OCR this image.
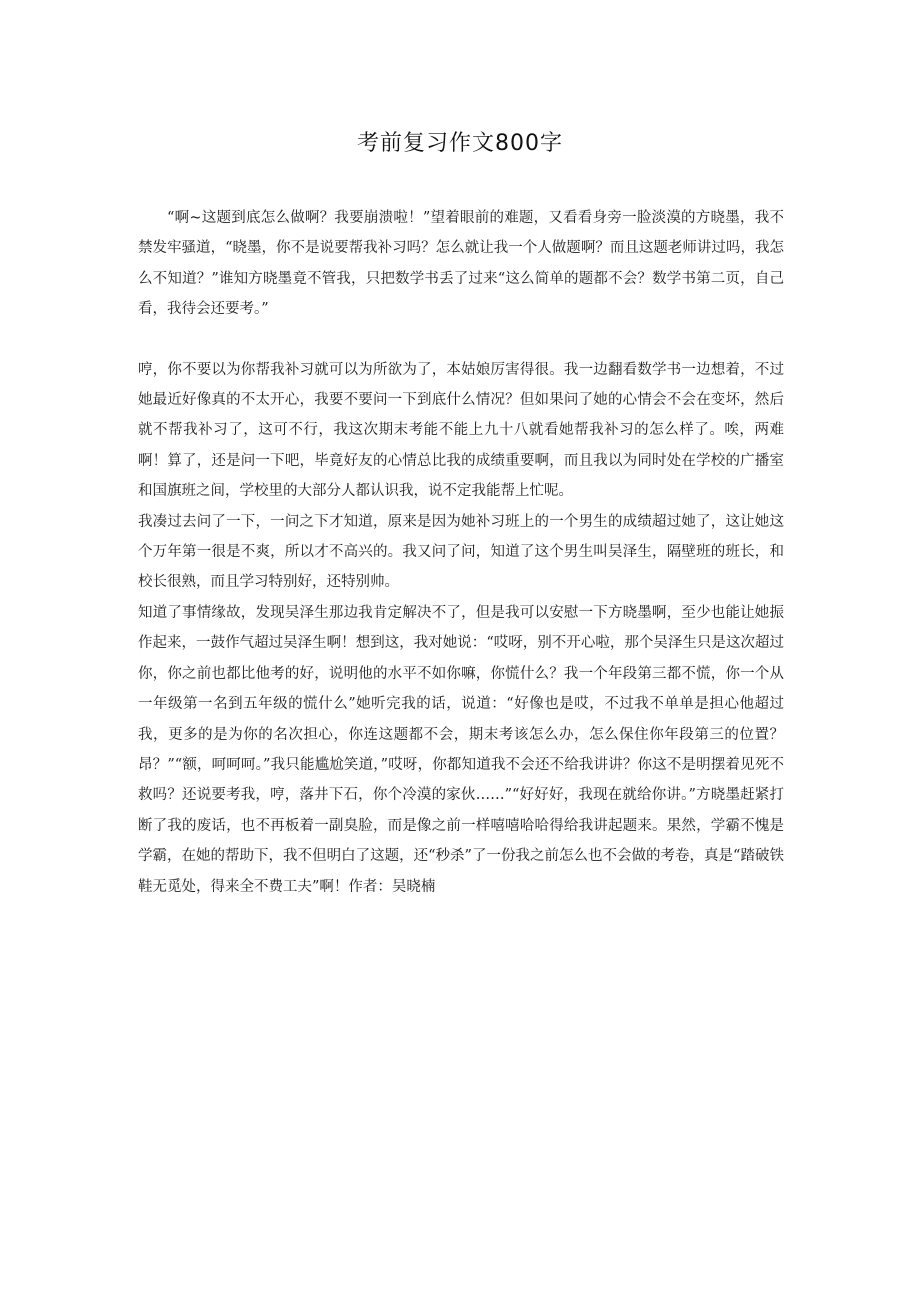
考前复习作文800字

“啊~这题到底怎么做啊？我要崩溃啦！”望着眼前的难题，又看看身旁一脸淡漠的方晓墨，我不禁发牢骚道，“晓墨，你不是说要帮我补习吗？怎么就让我一个人做题啊？而且这题老师讲过吗，我怎么不知道？”谁知方晓墨竟不管我，只把数学书丢了过来“这么简单的题都不会？数学书第二页，自己看，我待会还要考。”

哼，你不要以为你帮我补习就可以为所欲为了，本姑娘厉害得很。我一边翻看数学书一边想着，不过她最近好像真的不太开心，我要不要问一下到底什么情况？但如果问了她的心情会不会在变坏，然后就不帮我补习了，这可不行，我这次期末考能不能上九十八就看她帮我补习的怎么样了。唉，两难啊！算了，还是问一下吧，毕竟好友的心情总比我的成绩重要啊，而且我以为同时处在学校的广播室和国旗班之间，学校里的大部分人都认识我，说不定我能帮上忙呢。

我凑过去问了一下，一问之下才知道，原来是因为她补习班上的一个男生的成绩超过她了，这让她这个万年第一很是不爽，所以才不高兴的。我又问了问，知道了这个男生叫吴泽生，隔壁班的班长，和校长很熟，而且学习特别好，还特别帅。

知道了事情缘故，发现吴泽生那边我肯定解决不了，但是我可以安慰一下方晓墨啊，至少也能让她振作起来，一鼓作气超过吴泽生啊！想到这，我对她说：“哎呀，别不开心啦，那个吴泽生只是这次超过你，你之前也都比他考的好，说明他的水平不如你嘛，你慌什么？我一个年段第三都不慌，你一个从一年级第一名到五年级的慌什么”她听完我的话，说道：“好像也是哎，不过我不单单是担心他超过我，更多的是为你的名次担心，你连这题都不会，期末考该怎么办，怎么保住你年段第三的位置？昂？”“额，呵呵呵。”我只能尴尬笑道，”哎呀，你都知道我不会还不给我讲讲？你这不是明摆着见死不救吗？还说要考我，哼，落井下石，你个冷漠的家伙……”“好好好，我现在就给你讲。”方晓墨赶紧打断了我的废话，也不再板着一副臭脸，而是像之前一样嘻嘻哈哈得给我讲起题来。果然，学霸不愧是学霸，在她的帮助下，我不但明白了这题，还“秒杀”了一份我之前怎么也不会做的考卷，真是“踏破铁鞋无觅处，得来全不费工夫”啊！作者：吴晓楠
